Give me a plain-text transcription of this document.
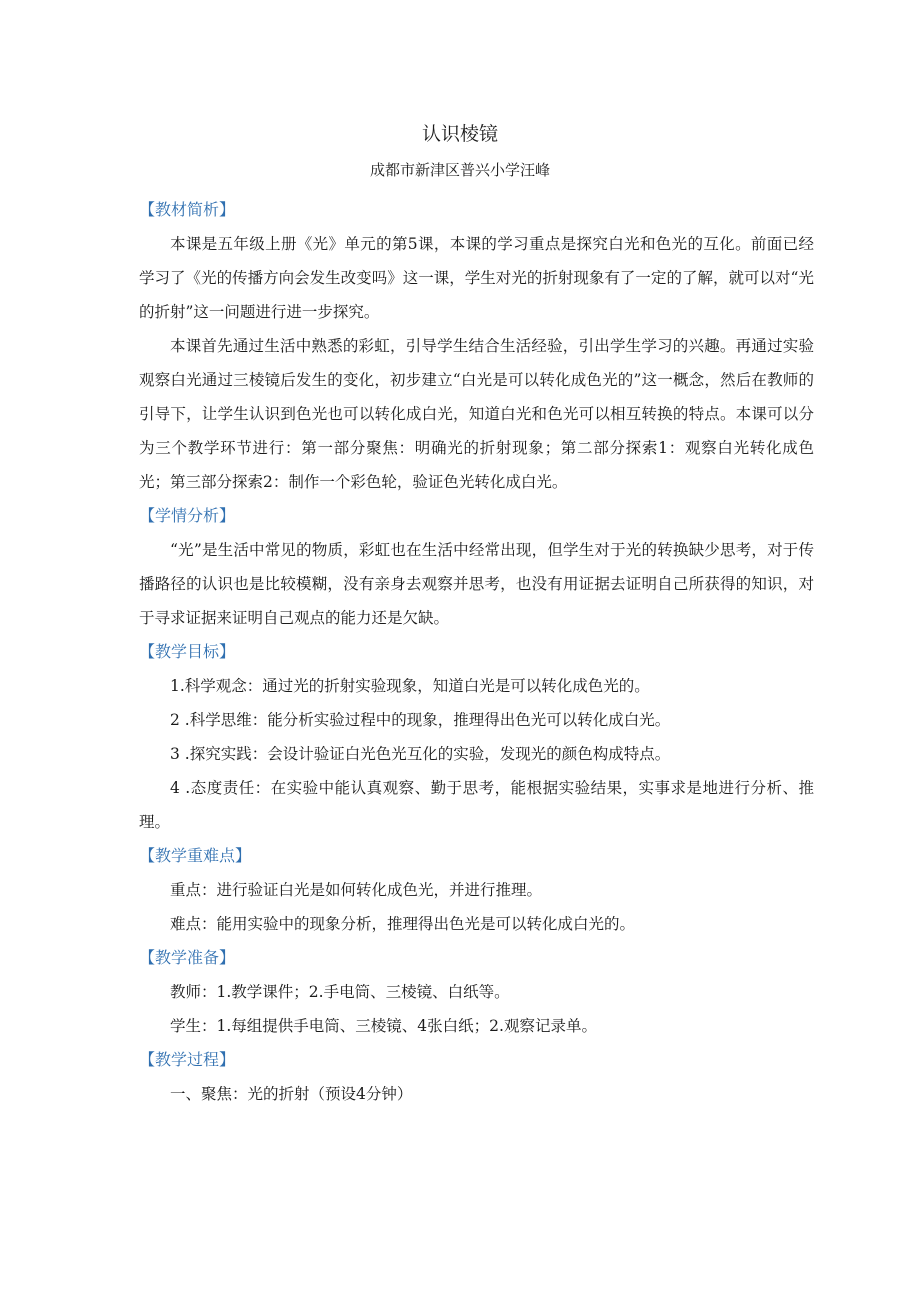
认识棱镜
成都市新津区普兴小学汪峰
【教材简析】

本课是五年级上册《光》单元的第5课，本课的学习重点是探究白光和色光的互化。前面已经学习了《光的传播方向会发生改变吗》这一课，学生对光的折射现象有了一定的了解，就可以对“光的折射”这一问题进行进一步探究。

本课首先通过生活中熟悉的彩虹，引导学生结合生活经验，引出学生学习的兴趣。再通过实验观察白光通过三棱镜后发生的变化，初步建立“白光是可以转化成色光的”这一概念，然后在教师的引导下，让学生认识到色光也可以转化成白光，知道白光和色光可以相互转换的特点。本课可以分为三个教学环节进行：第一部分聚焦：明确光的折射现象；第二部分探索1：观察白光转化成色光；第三部分探索2：制作一个彩色轮，验证色光转化成白光。

【学情分析】

“光”是生活中常见的物质，彩虹也在生活中经常出现，但学生对于光的转换缺少思考，对于传播路径的认识也是比较模糊，没有亲身去观察并思考，也没有用证据去证明自己所获得的知识，对于寻求证据来证明自己观点的能力还是欠缺。

【教学目标】

1.科学观念：通过光的折射实验现象，知道白光是可以转化成色光的。

2 .科学思维：能分析实验过程中的现象，推理得出色光可以转化成白光。

3 .探究实践：会设计验证白光色光互化的实验，发现光的颜色构成特点。

4 .态度责任：在实验中能认真观察、勤于思考，能根据实验结果，实事求是地进行分析、推理。

【教学重难点】

重点：进行验证白光是如何转化成色光，并进行推理。

难点：能用实验中的现象分析，推理得出色光是可以转化成白光的。

【教学准备】

教师：1.教学课件；2.手电筒、三棱镜、白纸等。

学生：1.每组提供手电筒、三棱镜、4张白纸；2.观察记录单。

【教学过程】

一、聚焦：光的折射（预设4分钟）
